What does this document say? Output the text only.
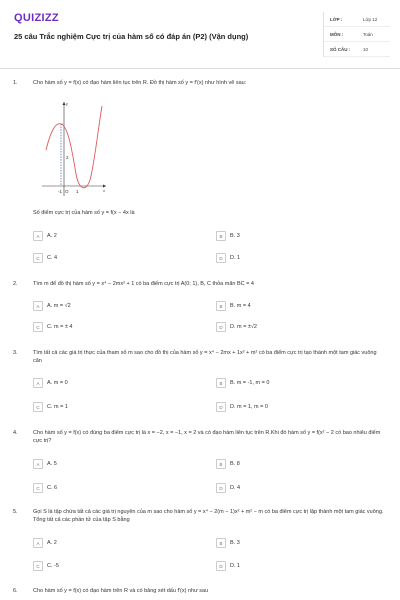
QUIZIZZ
25 câu Trắc nghiệm Cực trị của hàm số có đáp án (P2) (Vận dụng)
LỚP :	Lớp 12
MÔN :	Toán
SỐ CÂU :	10
1.	Cho hàm số y = f(x) có đạo hàm liên tục trên R. Đồ thị hàm số y = f'(x) như hình vẽ sau:
-1 O 1
2
x
y
Số điểm cực trị của hàm số y = f(x − 4x là
A	A. 2	B	B. 3
C	C. 4	D	D. 1
2.	Tìm m để đồ thị hàm số y = x⁴ − 2mx² + 1 có ba điểm cực trị A(0; 1), B, C thỏa mãn BC = 4
A	A. m = √2	B	B. m = 4
C	C. m = ± 4	D	D. m = ±√2
3.	Tìm tất cả các giá trị thực của tham số m sao cho đồ thị của hàm số y = x⁴ − 2mx + 1x² + m² có ba điểm cực trị tạo thành một tam giác vuông cân
A	A. m = 0	B	B. m = -1, m = 0
C	C. m = 1	D	D. m = 1, m = 0
4.	Cho hàm số y = f(x) có đúng ba điểm cực trị là x = −2, x = −1, x = 2 và có đạo hàm liên tục trên R.Khi đó hàm số y = f(x² − 2 có bao nhiêu điểm cực trị?
A	A. 5	B	B. 8
C	C. 6	D	D. 4
5.	Gọi S là tập chứa tất cả các giá trị nguyên của m sao cho hàm số y = x⁴ − 2(m − 1)x² + m² − m có ba điểm cực trị lập thành một tam giác vuông. Tổng tất cả các phần tử của tập S bằng
A	A. 2	B	B. 3
C	C. -5	D	D. 1
6.	Cho hàm số y = f(x) có đạo hàm trên R và có bảng xét dấu f'(x) như sau
